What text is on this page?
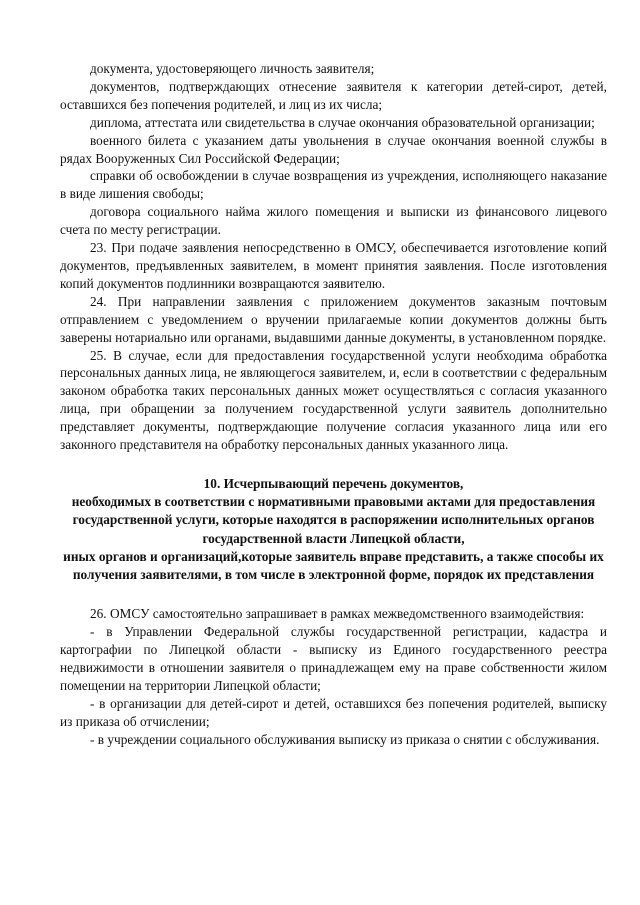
документа, удостоверяющего личность заявителя;

документов, подтверждающих отнесение заявителя к категории детей-сирот, детей, оставшихся без попечения родителей, и лиц из их числа;

диплома, аттестата или свидетельства в случае окончания образовательной организации;

военного билета с указанием даты увольнения в случае окончания военной службы в рядах Вооруженных Сил Российской Федерации;

справки об освобождении в случае возвращения из учреждения, исполняющего наказание в виде лишения свободы;

договора социального найма жилого помещения и выписки из финансового лицевого счета по месту регистрации.

23. При подаче заявления непосредственно в ОМСУ, обеспечивается изготовление копий документов, предъявленных заявителем, в момент принятия заявления. После изготовления копий документов подлинники возвращаются заявителю.

24. При направлении заявления с приложением документов заказным почтовым отправлением с уведомлением о вручении прилагаемые копии документов должны быть заверены нотариально или органами, выдавшими данные документы, в установленном порядке.

25. В случае, если для предоставления государственной услуги необходима обработка персональных данных лица, не являющегося заявителем, и, если в соответствии с федеральным законом обработка таких персональных данных может осуществляться с согласия указанного лица, при обращении за получением государственной услуги заявитель дополнительно представляет документы, подтверждающие получение согласия указанного лица или его законного представителя на обработку персональных данных указанного лица.

10. Исчерпывающий перечень документов,
необходимых в соответствии с нормативными правовыми актами для предоставления государственной услуги, которые находятся в распоряжении исполнительных органов государственной власти Липецкой области,
иных органов и организаций,которые заявитель вправе представить, а также способы их получения заявителями, в том числе в электронной форме, порядок их представления

26. ОМСУ самостоятельно запрашивает в рамках межведомственного взаимодействия:

- в Управлении Федеральной службы государственной регистрации, кадастра и картографии по Липецкой области - выписку из Единого государственного реестра недвижимости в отношении заявителя о принадлежащем ему на праве собственности жилом помещении на территории Липецкой области;

- в организации для детей-сирот и детей, оставшихся без попечения родителей, выписку из приказа об отчислении;

- в учреждении социального обслуживания выписку из приказа о снятии с обслуживания.
